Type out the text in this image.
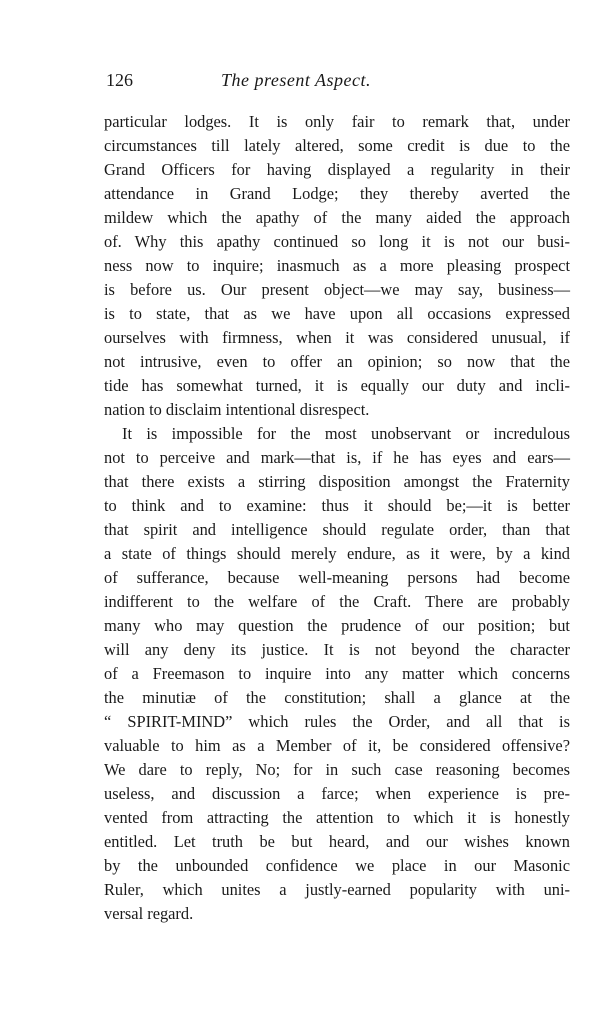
126	The present Aspect.
particular lodges. It is only fair to remark that, under
circumstances till lately altered, some credit is due to the
Grand Officers for having displayed a regularity in their
attendance in Grand Lodge; they thereby averted the
mildew which the apathy of the many aided the approach
of. Why this apathy continued so long it is not our busi-
ness now to inquire; inasmuch as a more pleasing prospect
is before us. Our present object—we may say, business—
is to state, that as we have upon all occasions expressed
ourselves with firmness, when it was considered unusual, if
not intrusive, even to offer an opinion; so now that the
tide has somewhat turned, it is equally our duty and incli-
nation to disclaim intentional disrespect.
It is impossible for the most unobservant or incredulous
not to perceive and mark—that is, if he has eyes and ears—
that there exists a stirring disposition amongst the Fraternity
to think and to examine: thus it should be;—it is better
that spirit and intelligence should regulate order, than that
a state of things should merely endure, as it were, by a kind
of sufferance, because well-meaning persons had become
indifferent to the welfare of the Craft. There are probably
many who may question the prudence of our position; but
will any deny its justice. It is not beyond the character
of a Freemason to inquire into any matter which concerns
the minutiæ of the constitution; shall a glance at the
“ SPIRIT-MIND” which rules the Order, and all that is
valuable to him as a Member of it, be considered offensive?
We dare to reply, No; for in such case reasoning becomes
useless, and discussion a farce; when experience is pre-
vented from attracting the attention to which it is honestly
entitled. Let truth be but heard, and our wishes known
by the unbounded confidence we place in our Masonic
Ruler, which unites a justly-earned popularity with uni-
versal regard.
